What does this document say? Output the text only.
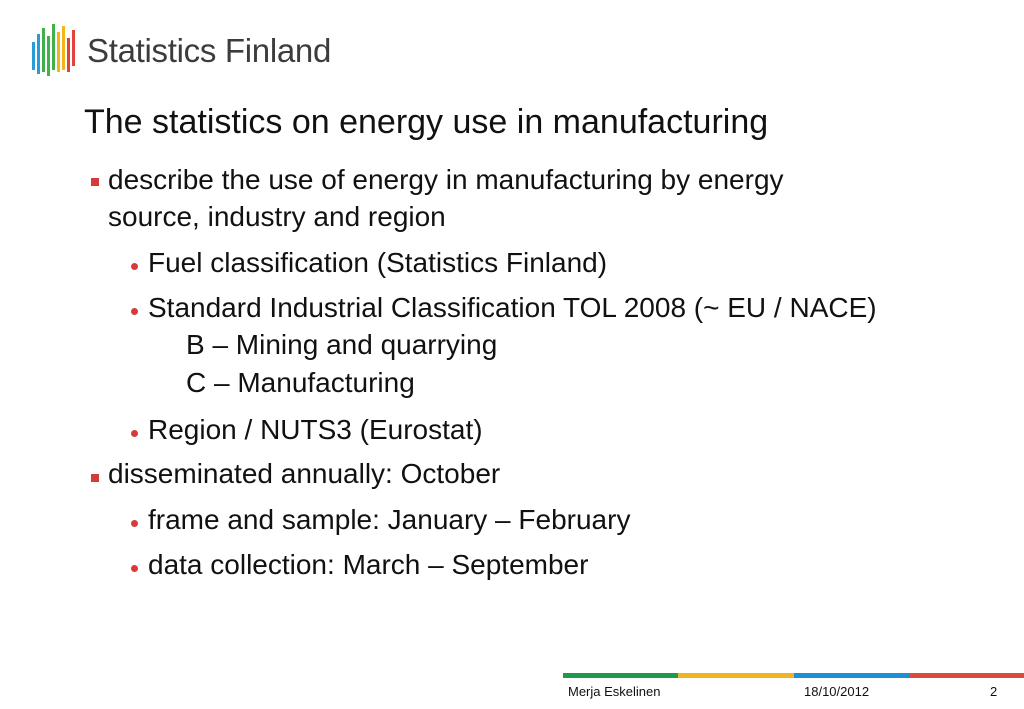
Statistics Finland
The statistics on energy use in manufacturing
describe the use of energy in manufacturing by energy
source, industry and region
Fuel classification (Statistics Finland)
Standard Industrial Classification TOL 2008 (~ EU / NACE)
B – Mining and quarrying
C – Manufacturing
Region / NUTS3 (Eurostat)
disseminated annually: October
frame and sample: January – February
data collection: March – September
Merja Eskelinen	18/10/2012	2
